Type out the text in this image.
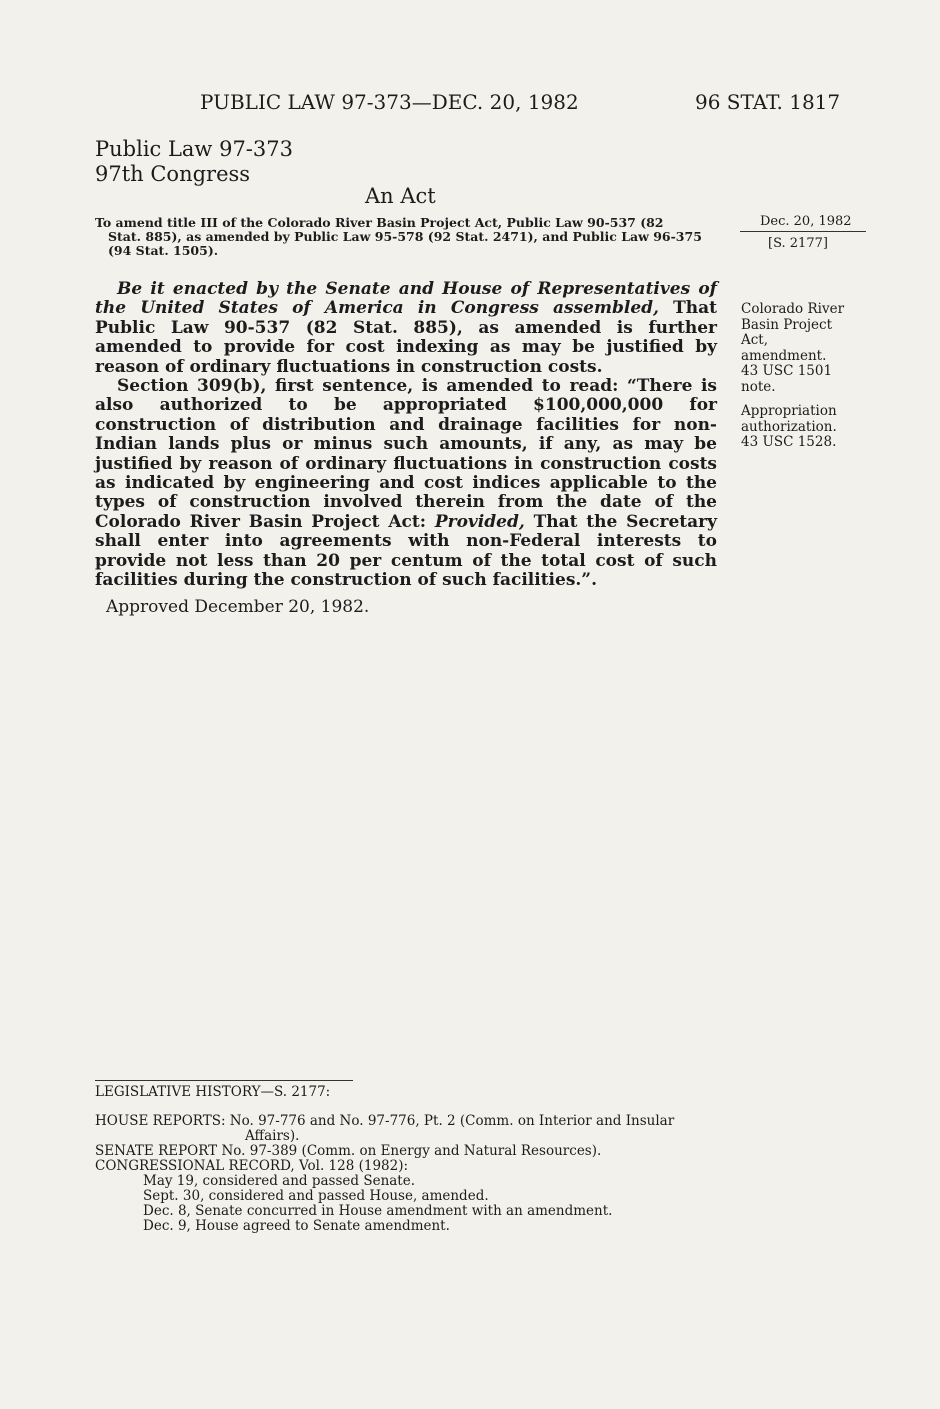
PUBLIC LAW 97-373—DEC. 20, 1982	96 STAT. 1817
Public Law 97-373
97th Congress
An Act
To amend title III of the Colorado River Basin Project Act, Public Law 90-537 (82
Stat. 885), as amended by Public Law 95-578 (92 Stat. 2471), and Public Law 96-375
(94 Stat. 1505).
Dec. 20, 1982
[S. 2177]
Colorado River
Basin Project
Act,
amendment.
43 USC 1501
note.
Appropriation
authorization.
43 USC 1528.

Be it enacted by the Senate and House of Representatives of the United States of America in Congress assembled, That Public Law 90-537 (82 Stat. 885), as amended is further amended to provide for cost indexing as may be justified by reason of ordinary fluctuations in construction costs.

Section 309(b), first sentence, is amended to read: “There is also authorized to be appropriated $100,000,000 for construction of distribution and drainage facilities for non-Indian lands plus or minus such amounts, if any, as may be justified by reason of ordinary fluctuations in construction costs as indicated by engineering and cost indices applicable to the types of construction involved therein from the date of the Colorado River Basin Project Act: Provided, That the Secretary shall enter into agreements with non-Federal interests to provide not less than 20 per centum of the total cost of such facilities during the construction of such facilities.”.

Approved December 20, 1982.
LEGISLATIVE HISTORY—S. 2177:
HOUSE REPORTS: No. 97-776 and No. 97-776, Pt. 2 (Comm. on Interior and Insular
Affairs).
SENATE REPORT No. 97-389 (Comm. on Energy and Natural Resources).
CONGRESSIONAL RECORD, Vol. 128 (1982):
May 19, considered and passed Senate.
Sept. 30, considered and passed House, amended.
Dec. 8, Senate concurred in House amendment with an amendment.
Dec. 9, House agreed to Senate amendment.
